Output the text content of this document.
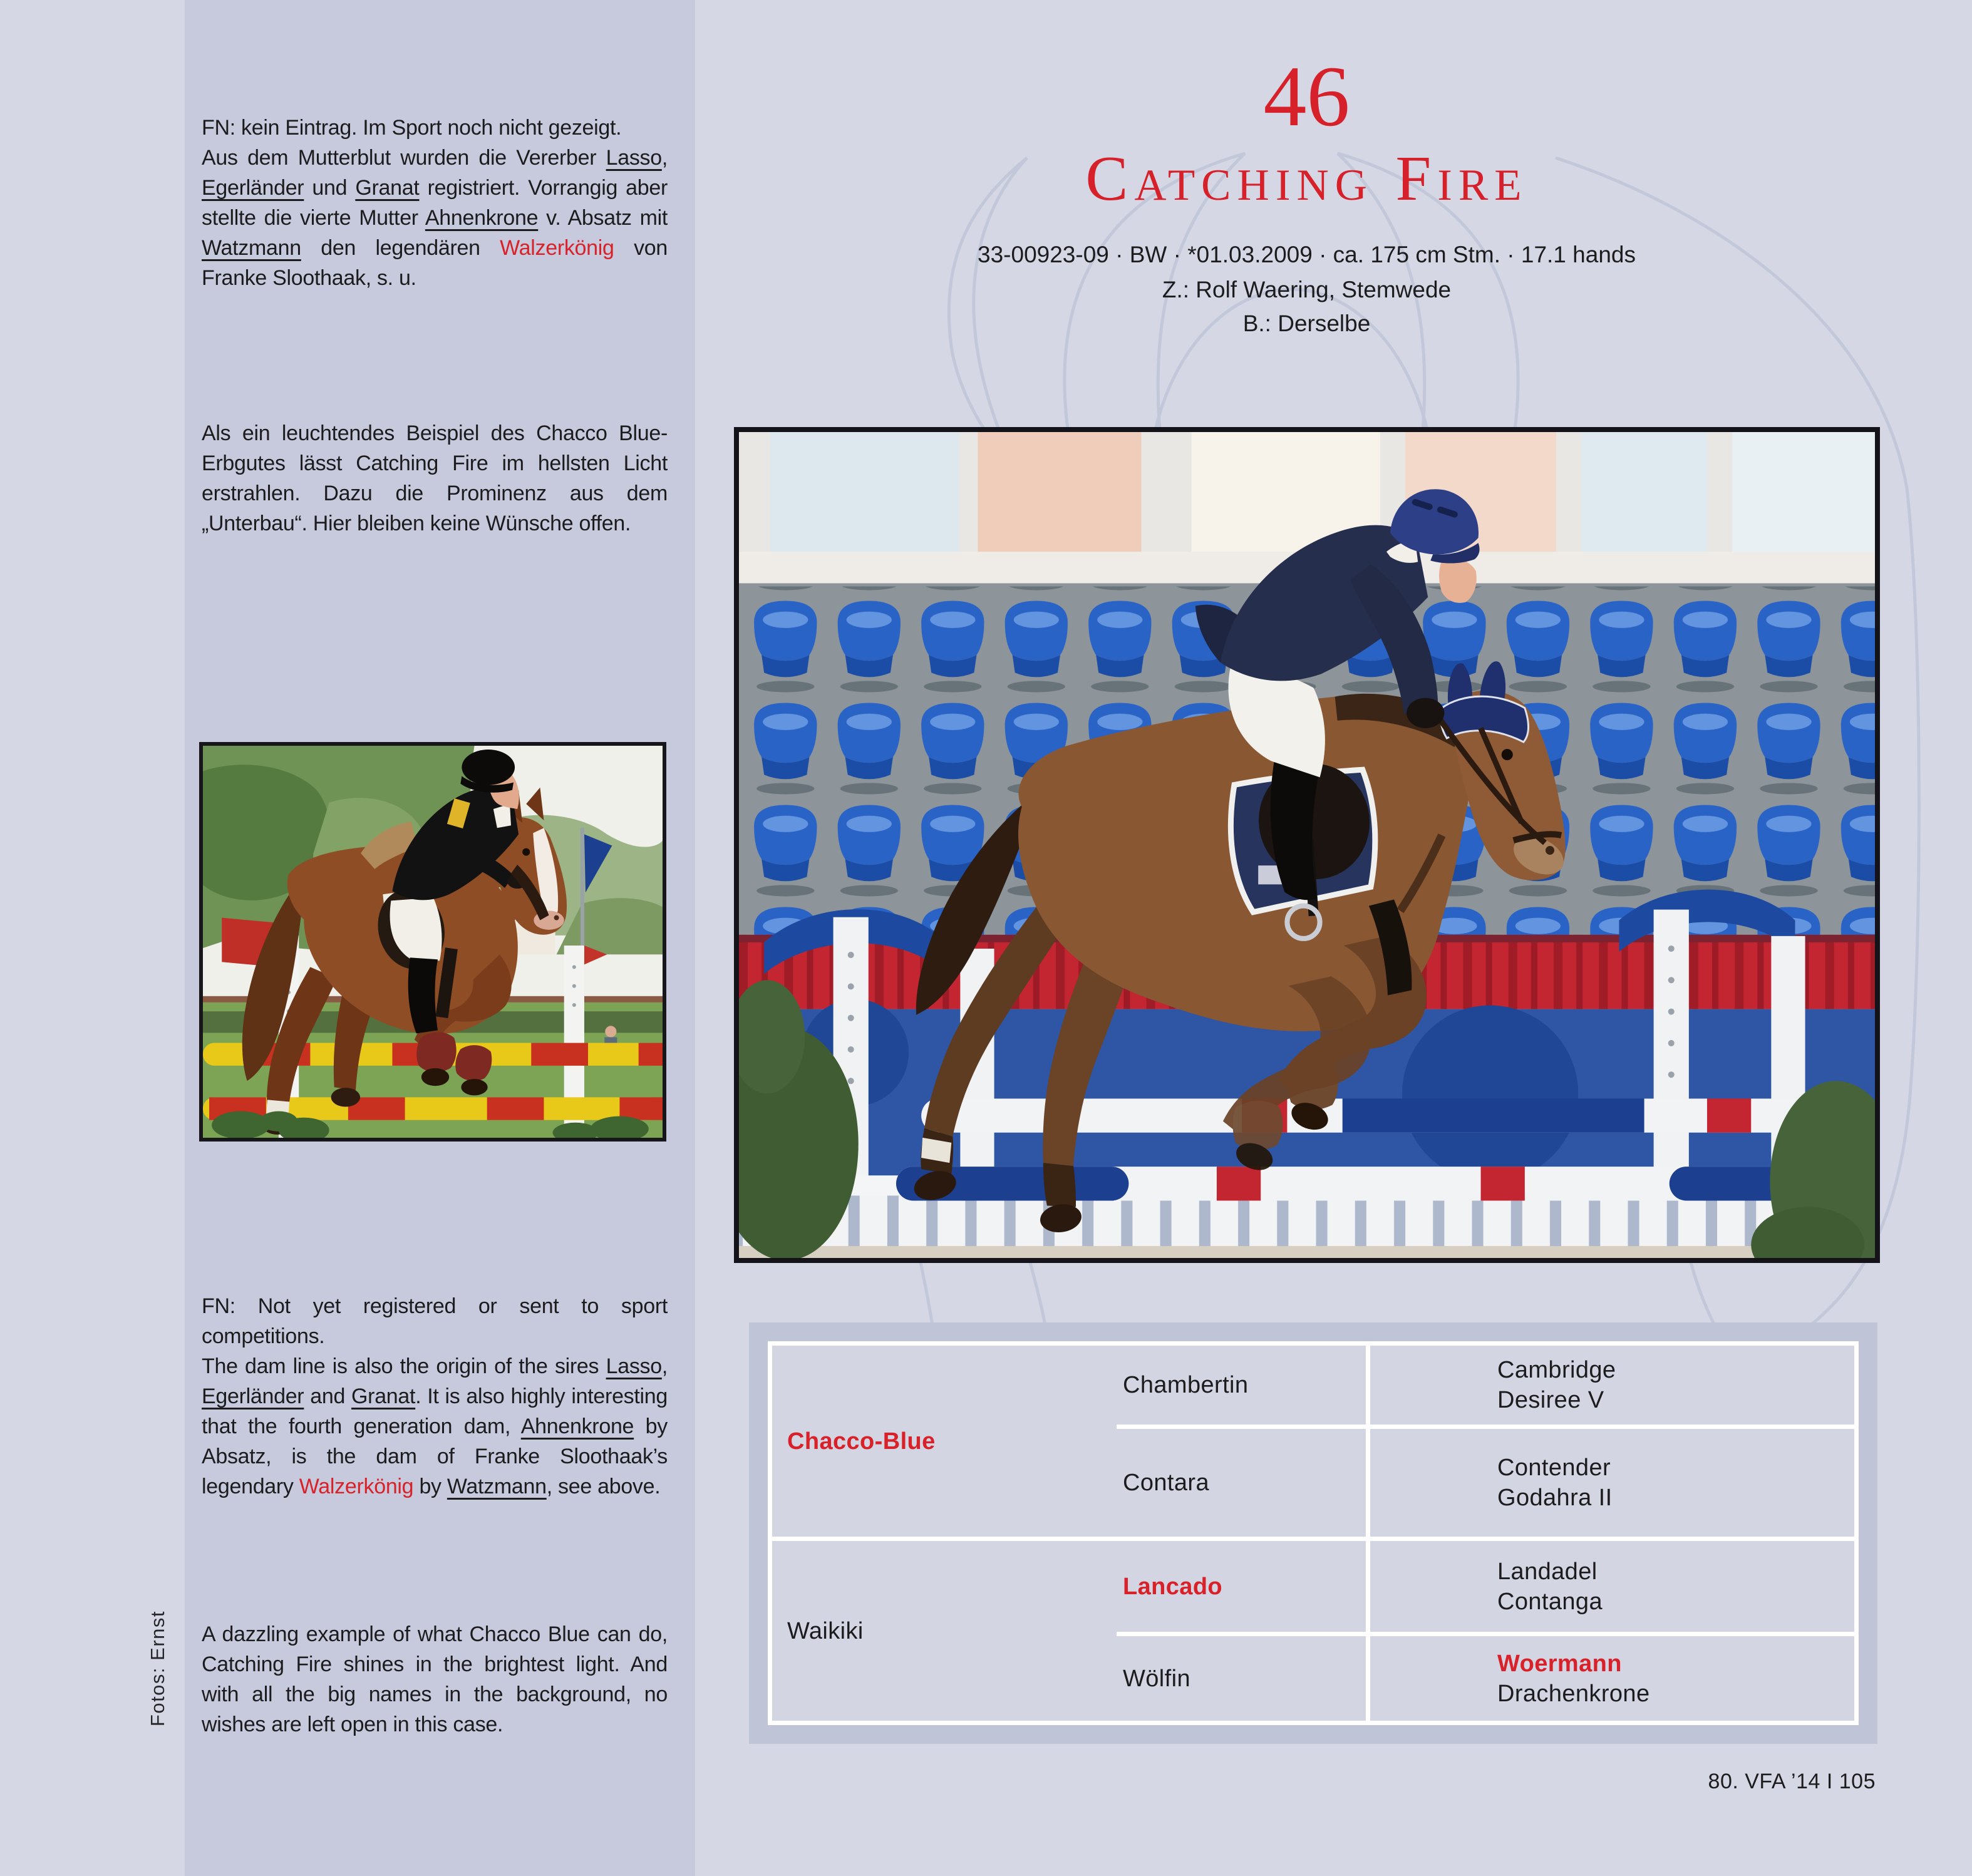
FN: kein Eintrag. Im Sport noch nicht gezeigt.
Aus dem Mutterblut wurden die Vererber Lasso, Egerländer und Granat registriert. Vorrangig aber stellte die vierte Mutter Ahnenkrone v. Absatz mit Watzmann den legendären Walzerkönig von Franke Sloothaak, s. u.

Als ein leuchtendes Beispiel des Chacco Blue-Erbgutes lässt Catching Fire im hellsten Licht erstrahlen. Dazu die Prominenz aus dem „Unterbau“. Hier bleiben keine Wünsche offen.

FN: Not yet registered or sent to sport competitions.
The dam line is also the origin of the sires Lasso, Egerländer and Granat. It is also highly interesting that the fourth generation dam, Ahnenkrone by Absatz, is the dam of Franke Sloothaak’s legendary Walzerkönig by Watzmann, see above.

A dazzling example of what Chacco Blue can do, Catching Fire shines in the brightest light. And with all the big names in the background, no wishes are left open in this case.

Fotos: Ernst
46
Catching Fire
33-00923-09 · BW · *01.03.2009 · ca. 175 cm Stm. · 17.1 hands
Z.: Rolf Waering, Stemwede
B.: Derselbe
Chacco-Blue
Waikiki
Chambertin
Contara
Lancado
Wölfin
Cambridge
Desiree V
Contender
Godahra II
Landadel
Contanga
Woermann
Drachenkrone
80. VFA ’14 I 105
